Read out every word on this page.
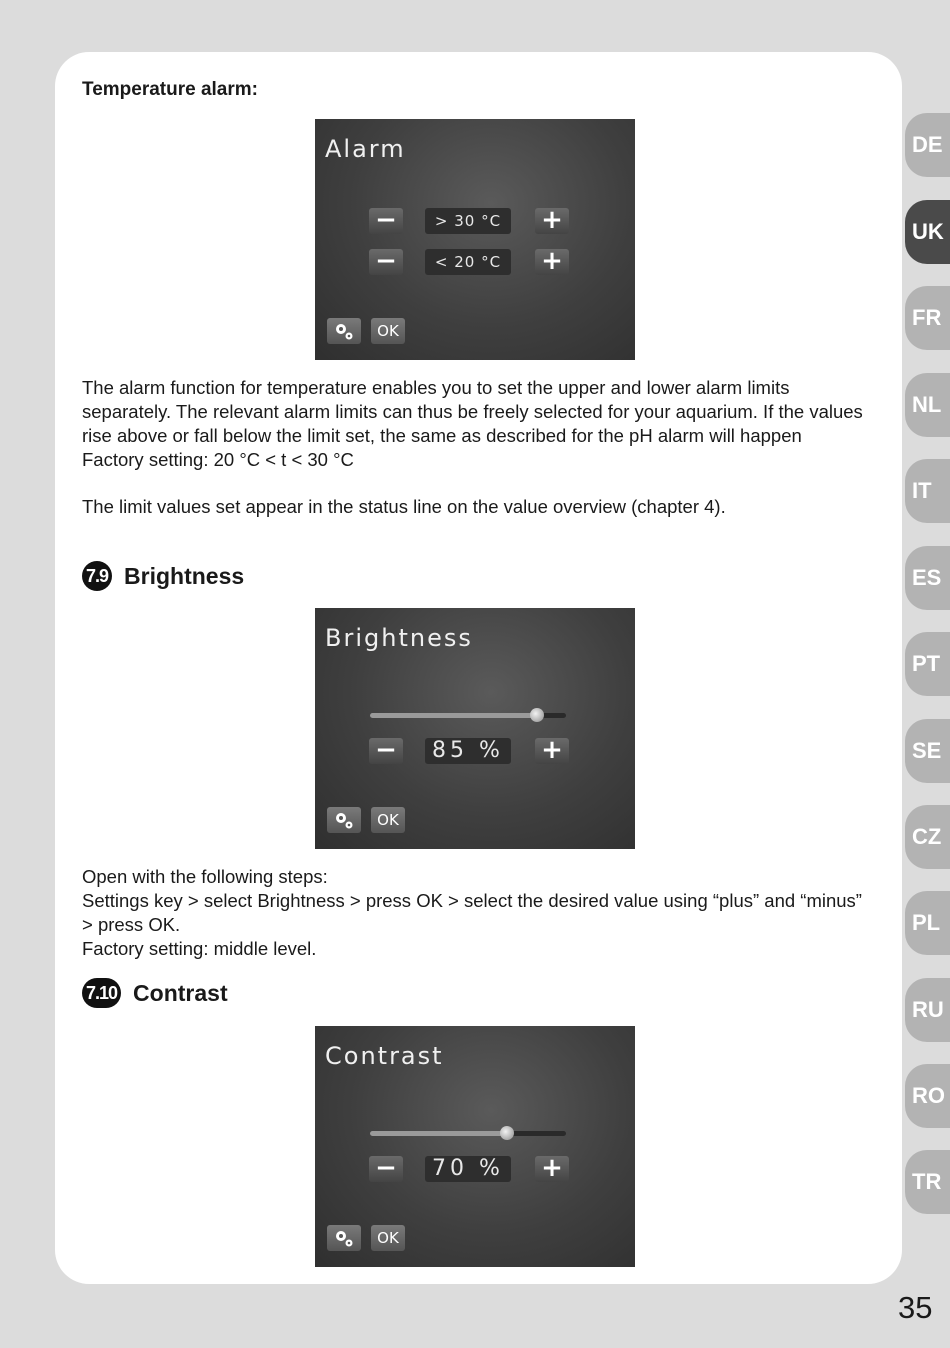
Temperature alarm:
Alarm
−	> 30 °C	+
−	< 20 °C	+
OK

The alarm function for temperature enables you to set the upper and lower alarm limits separately. The relevant alarm limits can thus be freely selected for your aquarium. If the values rise above or fall below the limit set, the same as described for the pH alarm will happen

Factory setting: 20 °C < t < 30 °C

The limit values set appear in the status line on the value overview (chapter 4).

7.9 Brightness
Brightness
−	85 % +
OK

Open with the following steps:

Settings key > select Brightness > press OK > select the desired value using “plus” and “minus” > press OK.

Factory setting: middle level.

7.10 Contrast
Contrast
−	70 % +
OK
DE
UK
FR
NL
IT
ES
PT
SE
CZ
PL
RU
RO
TR
35
